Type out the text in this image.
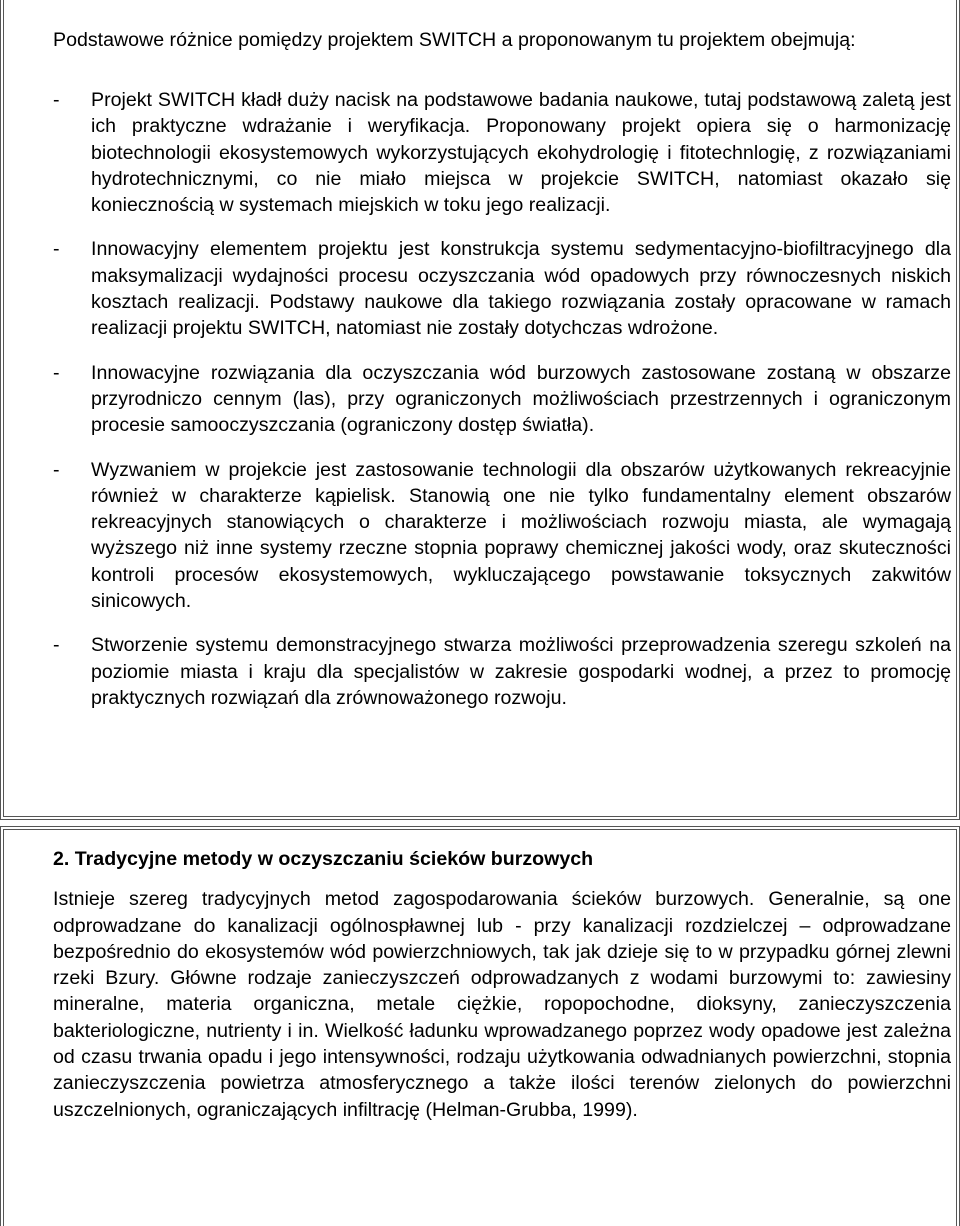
Podstawowe różnice pomiędzy projektem SWITCH a proponowanym tu projektem obejmują:

-	Projekt SWITCH kładł duży nacisk na podstawowe badania naukowe, tutaj podstawową zaletą jest ich praktyczne wdrażanie i weryfikacja. Proponowany projekt opiera się o harmonizację biotechnologii ekosystemowych wykorzystujących ekohydrologię i fitotechnlogię, z rozwiązaniami hydrotechnicznymi, co nie miało miejsca w projekcie SWITCH, natomiast okazało się koniecznością w systemach miejskich w toku jego realizacji.

-	Innowacyjny elementem projektu jest konstrukcja systemu sedymentacyjno-biofiltracyjnego dla maksymalizacji wydajności procesu oczyszczania wód opadowych przy równoczesnych niskich kosztach realizacji. Podstawy naukowe dla takiego rozwiązania zostały opracowane w ramach realizacji projektu SWITCH, natomiast nie zostały dotychczas wdrożone.

-	Innowacyjne rozwiązania dla oczyszczania wód burzowych zastosowane zostaną w obszarze przyrodniczo cennym (las), przy ograniczonych możliwościach przestrzennych i ograniczonym procesie samooczyszczania (ograniczony dostęp światła).

-	Wyzwaniem w projekcie jest zastosowanie technologii dla obszarów użytkowanych rekreacyjnie również w charakterze kąpielisk. Stanowią one nie tylko fundamentalny element obszarów rekreacyjnych stanowiących o charakterze i możliwościach rozwoju miasta, ale wymagają wyższego niż inne systemy rzeczne stopnia poprawy chemicznej jakości wody, oraz skuteczności kontroli procesów ekosystemowych, wykluczającego powstawanie toksycznych zakwitów sinicowych.

-	Stworzenie systemu demonstracyjnego stwarza możliwości przeprowadzenia szeregu szkoleń na poziomie miasta i kraju dla specjalistów w zakresie gospodarki wodnej, a przez to promocję praktycznych rozwiązań dla zrównoważonego rozwoju.

2. Tradycyjne metody w oczyszczaniu ścieków burzowych

Istnieje szereg tradycyjnych metod zagospodarowania ścieków burzowych. Generalnie, są one odprowadzane do kanalizacji ogólnospławnej lub - przy kanalizacji rozdzielczej – odprowadzane bezpośrednio do ekosystemów wód powierzchniowych, tak jak dzieje się to w przypadku górnej zlewni rzeki Bzury. Główne rodzaje zanieczyszczeń odprowadzanych z wodami burzowymi to: zawiesiny mineralne, materia organiczna, metale ciężkie, ropopochodne, dioksyny, zanieczyszczenia bakteriologiczne, nutrienty i in. Wielkość ładunku wprowadzanego poprzez wody opadowe jest zależna od czasu trwania opadu i jego intensywności, rodzaju użytkowania odwadnianych powierzchni, stopnia zanieczyszczenia powietrza atmosferycznego a także ilości terenów zielonych do powierzchni uszczelnionych, ograniczających infiltrację (Helman-Grubba, 1999).
